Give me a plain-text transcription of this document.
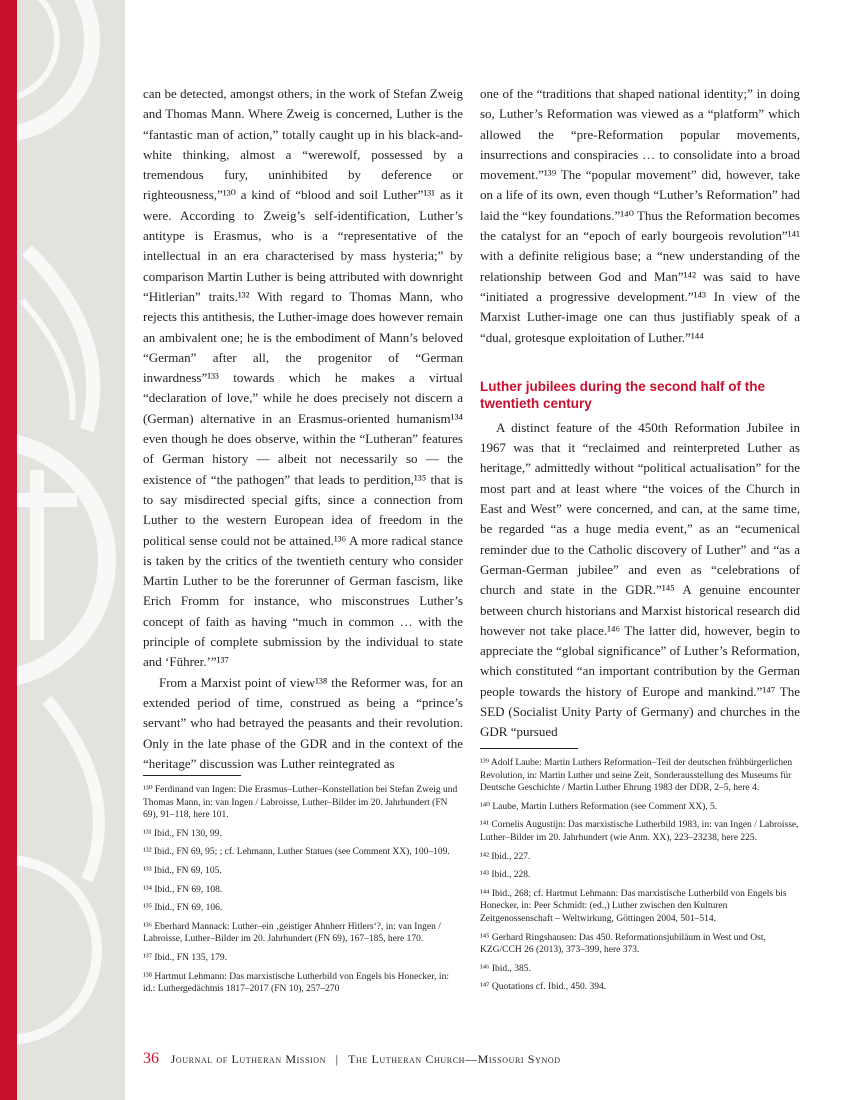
can be detected, amongst others, in the work of Stefan Zweig and Thomas Mann. Where Zweig is concerned, Luther is the “fantastic man of action,” totally caught up in his black-and-white thinking, almost a “werewolf, possessed by a tremendous fury, uninhibited by deference or righteousness,”¹³⁰ a kind of “blood and soil Luther”¹³¹ as it were. According to Zweig’s self-identification, Luther’s antitype is Erasmus, who is a “representative of the intellectual in an era characterised by mass hysteria;” by comparison Martin Luther is being attributed with downright “Hitlerian” traits.¹³² With regard to Thomas Mann, who rejects this antithesis, the Luther-image does however remain an ambivalent one; he is the embodiment of Mann’s beloved “German” after all, the progenitor of “German inwardness”¹³³ towards which he makes a virtual “declaration of love,” while he does precisely not discern a (German) alternative in an Erasmus-oriented humanism¹³⁴ even though he does observe, within the “Lutheran” features of German history — albeit not necessarily so — the existence of “the pathogen” that leads to perdition,¹³⁵ that is to say misdirected special gifts, since a connection from Luther to the western European idea of freedom in the political sense could not be attained.¹³⁶ A more radical stance is taken by the critics of the twentieth century who consider Martin Luther to be the forerunner of German fascism, like Erich Fromm for instance, who misconstrues Luther’s concept of faith as having “much in common … with the principle of complete submission by the individual to state and ‘Führer.’”¹³⁷

From a Marxist point of view¹³⁸ the Reformer was, for an extended period of time, construed as being a “prince’s servant” who had betrayed the peasants and their revolution. Only in the late phase of the GDR and in the context of the “heritage” discussion was Luther reintegrated as

one of the “traditions that shaped national identity;” in doing so, Luther’s Reformation was viewed as a “platform” which allowed the “pre-Reformation popular movements, insurrections and conspiracies … to consolidate into a broad movement.”¹³⁹ The “popular movement” did, however, take on a life of its own, even though “Luther’s Reformation” had laid the “key foundations.”¹⁴⁰ Thus the Reformation becomes the catalyst for an “epoch of early bourgeois revolution”¹⁴¹ with a definite religious base; a “new understanding of the relationship between God and Man”¹⁴² was said to have “initiated a progressive development.”¹⁴³ In view of the Marxist Luther-image one can thus justifiably speak of a “dual, grotesque exploitation of Luther.”¹⁴⁴

Luther jubilees during the second half of the twentieth century

A distinct feature of the 450th Reformation Jubilee in 1967 was that it “reclaimed and reinterpreted Luther as heritage,” admittedly without “political actualisation” for the most part and at least where “the voices of the Church in East and West” were concerned, and can, at the same time, be regarded “as a huge media event,” as an “ecumenical reminder due to the Catholic discovery of Luther” and “as a German-German jubilee” and even as “celebrations of church and state in the GDR.”¹⁴⁵ A genuine encounter between church historians and Marxist historical research did however not take place.¹⁴⁶ The latter did, however, begin to appreciate the “global significance” of Luther’s Reformation, which constituted “an important contribution by the German people towards the history of Europe and mankind.”¹⁴⁷ The SED (Socialist Unity Party of Germany) and churches in the GDR “pursued

¹³⁰ Ferdinand van Ingen: Die Erasmus–Luther–Konstellation bei Stefan Zweig und Thomas Mann, in: van Ingen / Labroisse, Luther–Bilder im 20. Jahrhundert (FN 69), 91–118, here 101.

¹³¹ Ibid., FN 130, 99.

¹³² Ibid., FN 69, 95; ; cf. Lehmann, Luther Statues (see Comment XX), 100–109.

¹³³ Ibid., FN 69, 105.

¹³⁴ Ibid., FN 69, 108.

¹³⁵ Ibid., FN 69, 106.

¹³⁶ Eberhard Mannack: Luther–ein ‚geistiger Ahnherr Hitlers‘?, in: van Ingen / Labroisse, Luther–Bilder im 20. Jahrhundert (FN 69), 167–185, here 170.

¹³⁷ Ibid., FN 135, 179.

¹³⁸ Hartmut Lehmann: Das marxistische Lutherbild von Engels bis Honecker, in: id.: Luthergedächtnis 1817–2017 (FN 10), 257–270

¹³⁹ Adolf Laube: Martin Luthers Reformation–Teil der deutschen frühbürgerlichen Revolution, in: Martin Luther und seine Zeit, Sonderausstellung des Museums für Deutsche Geschichte / Martin Luther Ehrung 1983 der DDR, 2–5, here 4.

¹⁴⁰ Laube, Martin Luthers Reformation (see Comment XX), 5.

¹⁴¹ Cornelis Augustijn: Das marxistische Lutherbild 1983, in: van Ingen / Labroisse, Luther–Bilder im 20. Jahrhundert (wie Anm. XX), 223–23238, here 225.

¹⁴² Ibid., 227.

¹⁴³ Ibid., 228.

¹⁴⁴ Ibid., 268; cf. Hartmut Lehmann: Das marxistische Lutherbild von Engels bis Honecker, in: Peer Schmidt: (ed.,) Luther zwischen den Kulturen Zeitgenossenschaft – Weltwirkung, Göttingen 2004, 501–514.

¹⁴⁵ Gerhard Ringshausen: Das 450. Reformationsjubiläum in West und Ost, KZG/CCH 26 (2013), 373–399, here 373.

¹⁴⁶ Ibid., 385.

¹⁴⁷ Quotations cf. Ibid., 450. 394.

36 Journal of Lutheran Mission | The Lutheran Church—Missouri Synod
